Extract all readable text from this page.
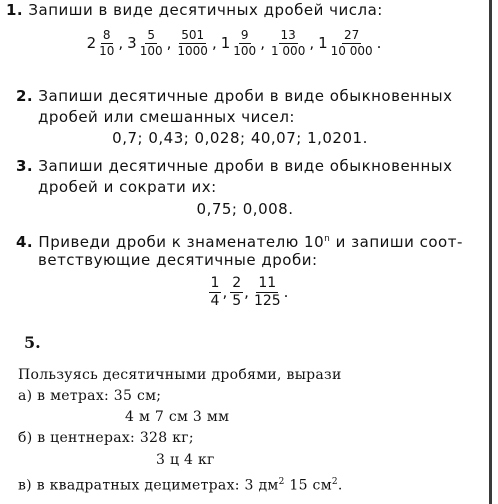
1. Запиши в виде десятичных дробей числа:
$2 \frac{8}{10}$ , $3 \frac{5}{100}$ , $\frac{501}{1000}$ , $1 \frac{9}{100}$ , $\frac{13}{1 000}$ , $1 \frac{27}{10 000}$ .
2. Запиши десятичные дроби в виде обыкновенных
дробей или смешанных чисел:
0,7; 0,43; 0,028; 40,07; 1,0201.
3. Запиши десятичные дроби в виде обыкновенных
дробей и сократи их:
0,75; 0,008.
4. Приведи дроби к знаменателю 10$^n$ и запиши соот-
ветствующие десятичные дроби:
$\frac{1}{4}$ , $\frac{2}{5}$ , $\frac{11}{125}$ .
5.
Пользуясь десятичными дробями, вырази
а) в метрах: 35 см;
4 м 7 см 3 мм
б) в центнерах: 328 кг;
3 ц 4 кг
в) в квадратных дециметрах: 3 $дм^2$ 15 $см^2$.
